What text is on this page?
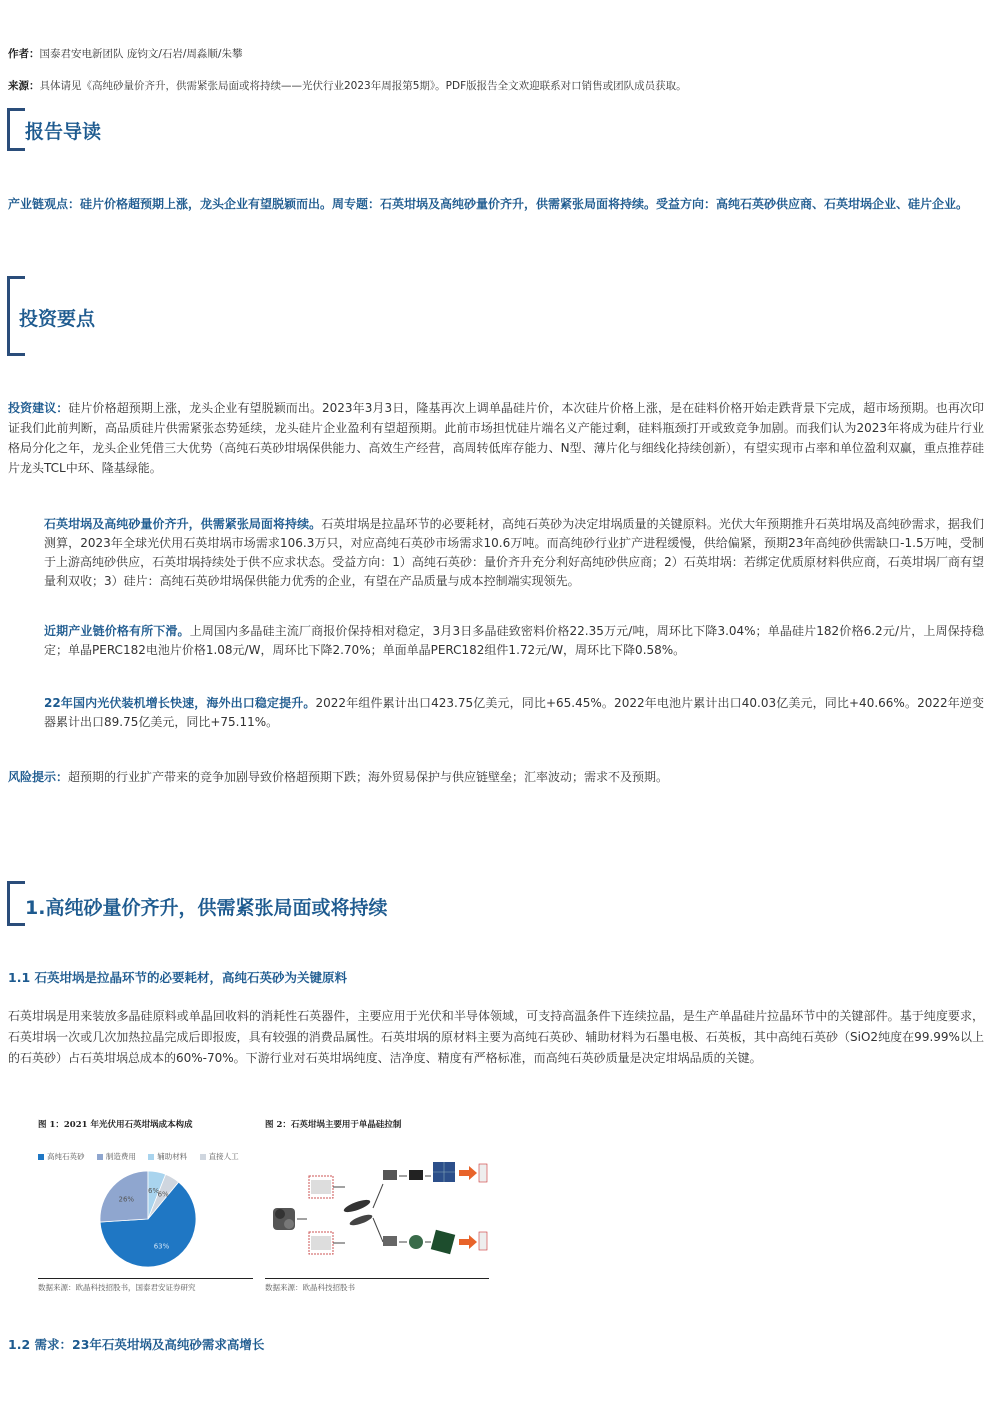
作者：国泰君安电新团队 庞钧文/石岩/周淼顺/朱攀
来源：具体请见《高纯砂量价齐升，供需紧张局面或将持续——光伏行业2023年周报第5期》。PDF版报告全文欢迎联系对口销售或团队成员获取。
报告导读
产业链观点：硅片价格超预期上涨，龙头企业有望脱颖而出。周专题：石英坩埚及高纯砂量价齐升，供需紧张局面将持续。受益方向：高纯石英砂供应商、石英坩埚企业、硅片企业。
投资要点
投资建议：硅片价格超预期上涨，龙头企业有望脱颖而出。2023年3月3日，隆基再次上调单晶硅片价，本次硅片价格上涨，是在硅料价格开始走跌背景下完成，超市场预期。也再次印证我们此前判断，高品质硅片供需紧张态势延续，龙头硅片企业盈利有望超预期。此前市场担忧硅片端名义产能过剩，硅料瓶颈打开或致竞争加剧。而我们认为2023年将成为硅片行业格局分化之年，龙头企业凭借三大优势（高纯石英砂坩埚保供能力、高效生产经营，高周转低库存能力、N型、薄片化与细线化持续创新），有望实现市占率和单位盈利双赢，重点推荐硅片龙头TCL中环、隆基绿能。
石英坩埚及高纯砂量价齐升，供需紧张局面将持续。石英坩埚是拉晶环节的必要耗材，高纯石英砂为决定坩埚质量的关键原料。光伏大年预期推升石英坩埚及高纯砂需求，据我们测算，2023年全球光伏用石英坩埚市场需求106.3万只，对应高纯石英砂市场需求10.6万吨。而高纯砂行业扩产进程缓慢，供给偏紧，预期23年高纯砂供需缺口-1.5万吨，受制于上游高纯砂供应，石英坩埚持续处于供不应求状态。受益方向：1）高纯石英砂：量价齐升充分利好高纯砂供应商；2）石英坩埚：若绑定优质原材料供应商，石英坩埚厂商有望量利双收；3）硅片：高纯石英砂坩埚保供能力优秀的企业，有望在产品质量与成本控制端实现领先。
近期产业链价格有所下滑。上周国内多晶硅主流厂商报价保持相对稳定，3月3日多晶硅致密料价格22.35万元/吨，周环比下降3.04%；单晶硅片182价格6.2元/片，上周保持稳定；单晶PERC182电池片价格1.08元/W，周环比下降2.70%；单面单晶PERC182组件1.72元/W，周环比下降0.58%。
22年国内光伏装机增长快速，海外出口稳定提升。2022年组件累计出口423.75亿美元，同比+65.45%。2022年电池片累计出口40.03亿美元，同比+40.66%。2022年逆变器累计出口89.75亿美元，同比+75.11%。
风险提示：超预期的行业扩产带来的竞争加剧导致价格超预期下跌；海外贸易保护与供应链壁垒；汇率波动；需求不及预期。
1.高纯砂量价齐升，供需紧张局面或将持续
1.1 石英坩埚是拉晶环节的必要耗材，高纯石英砂为关键原料
石英坩埚是用来装放多晶硅原料或单晶回收料的消耗性石英器件，主要应用于光伏和半导体领域，可支持高温条件下连续拉晶，是生产单晶硅片拉晶环节中的关键部件。基于纯度要求，石英坩埚一次或几次加热拉晶完成后即报废，具有较强的消费品属性。石英坩埚的原材料主要为高纯石英砂、辅助材料为石墨电极、石英板，其中高纯石英砂（SiO2纯度在99.99%以上的石英砂）占石英坩埚总成本的60%-70%。下游行业对石英坩埚纯度、洁净度、精度有严格标准，而高纯石英砂质量是决定坩埚品质的关键。
图 1：2021 年光伏用石英坩埚成本构成
高纯石英砂
	制造费用
	辅助材料
	直接人工
63%
26%
6%
6%
数据来源：欧晶科技招股书，国泰君安证券研究
图 2：石英坩埚主要用于单晶硅拉制
数据来源：欧晶科技招股书
1.2 需求：23年石英坩埚及高纯砂需求高增长
